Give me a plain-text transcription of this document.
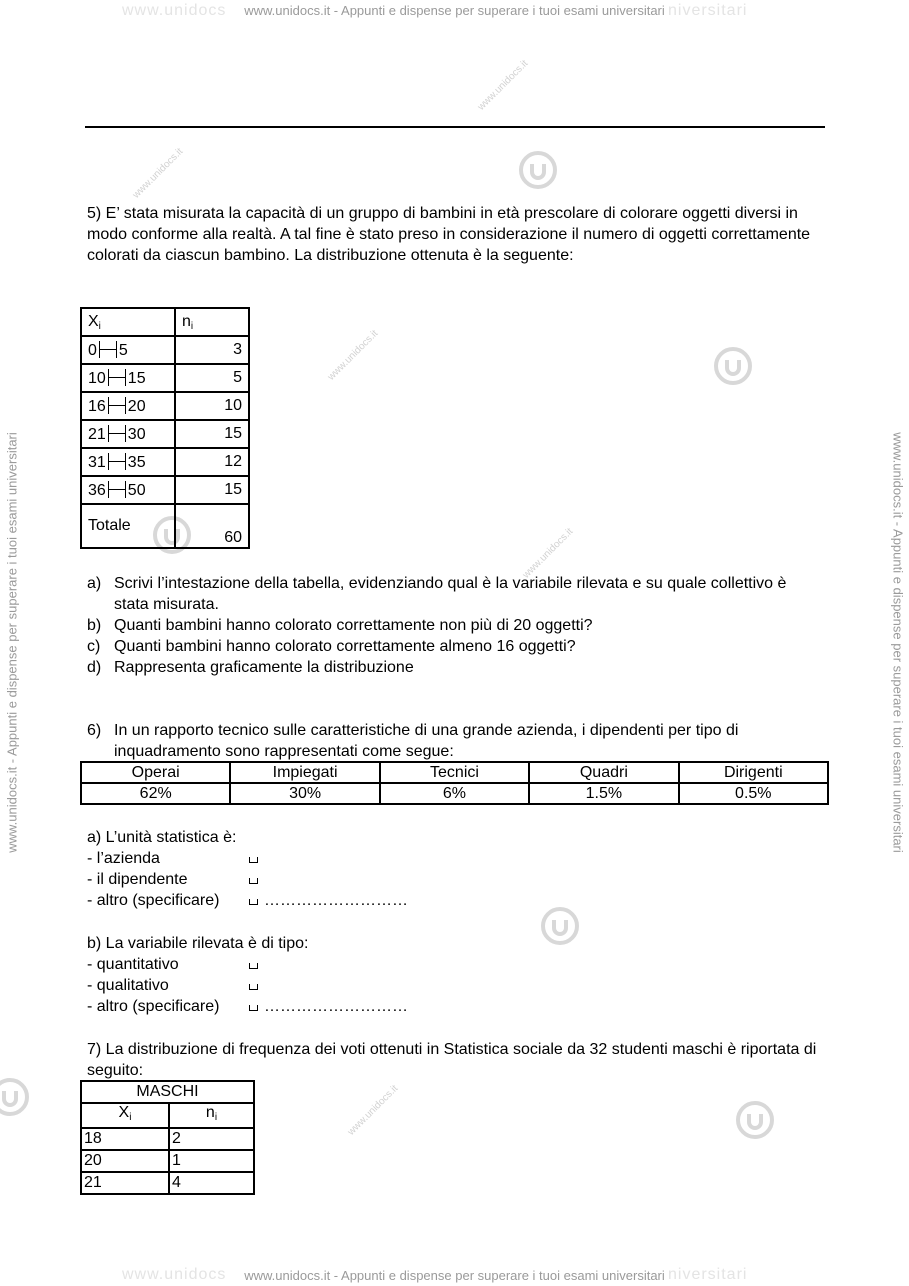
www.unidocs	niversitari
www.unidocs.it - Appunti e dispense per superare i tuoi esami universitari
www.unidocs	niversitari
www.unidocs.it - Appunti e dispense per superare i tuoi esami universitari
www.unidocs.it - Appunti e dispense per superare i tuoi esami universitari	www.unidocs.it - Appunti e dispense per superare i tuoi esami universitari
www.unidocs.it
www.unidocs.it
www.unidocs.it
www.unidocs.it
www.unidocs.it

5) E’ stata misurata la capacità di un gruppo di bambini in età prescolare di colorare oggetti diversi in modo conforme alla realtà. A tal fine è stato preso in considerazione il numero di oggetti correttamente colorati da ciascun bambino. La distribuzione ottenuta è la seguente:

$X_i$	$n_i$
0 5	3
10 15	5
16 20	10
21 30	15
31 35	12
36 50	15
Totale	60
a) Scrivi l’intestazione della tabella, evidenziando qual è la variabile rilevata e su quale collettivo è stata misurata.
b) Quanti bambini hanno colorato correttamente non più di 20 oggetti?
c) Quanti bambini hanno colorato correttamente almeno 16 oggetti?
d) Rappresenta graficamente la distribuzione
6) In un rapporto tecnico sulle caratteristiche di una grande azienda, i dipendenti per tipo di inquadramento sono rappresentati come segue:
Operai	Impiegati	Tecnici	Quadri	Dirigenti
62%	30%	6%	1.5%	0.5%
a) L’unità statistica è:
- l’azienda
- il dipendente
- altro (specificare)	………………………
b) La variabile rilevata è di tipo:
- quantitativo
- qualitativo
- altro (specificare)	………………………

7) La distribuzione di frequenza dei voti ottenuti in Statistica sociale da 32 studenti maschi è riportata di seguito:

MASCHI	
$X_i$	$n_i$
18	2
20	1
21	4
